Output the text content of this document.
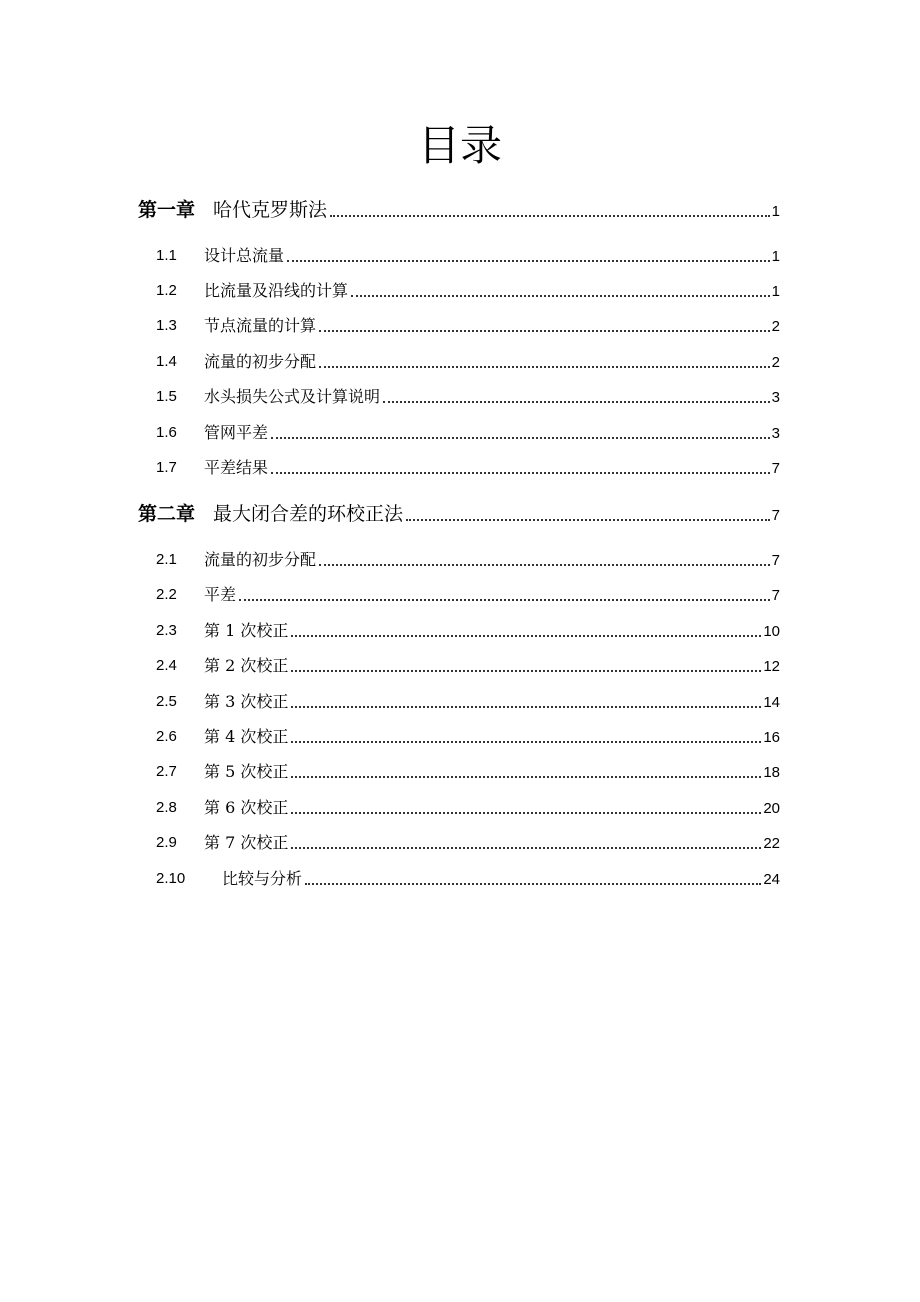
目录
第一章 哈代克罗斯法	1
1.1	设计总流量	1
1.2	比流量及沿线的计算	1
1.3	节点流量的计算	2
1.4	流量的初步分配	2
1.5	水头损失公式及计算说明	3
1.6	管网平差	3
1.7	平差结果	7
第二章 最大闭合差的环校正法	7
2.1	流量的初步分配	7
2.2	平差	7
2.3	第 1 次校正	10
2.4	第 2 次校正	12
2.5	第 3 次校正	14
2.6	第 4 次校正	16
2.7	第 5 次校正	18
2.8	第 6 次校正	20
2.9	第 7 次校正	22
2.10	比较与分析	24
